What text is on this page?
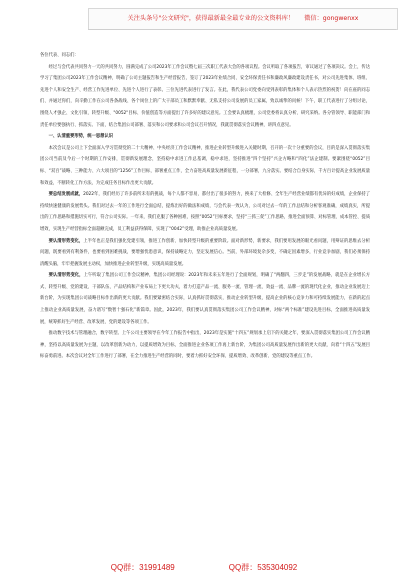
关注头条号"公文研究"，获得最新最全最专业的公文资料库！ 　 微信：gongwenxx

各位代表、同志们：

经过与会代表共同努力一天的共同努力，圆满完成了公司2023年工作会议暨七届三次职工代表大会的各项议程。会议听取了各项报告，审议通过了各项决议。会上，传达学习了集团公司2023年工作会议精神，明确了公司主题报告和生产经营报告，签订了2023年业绩合同、安全环保责任书和廉政风廉政建设责任书，对公司先进集体、班组、先进个人和安全生产、经营工作先进单位、先进个人进行了表彰。三位先进代表进行了发言。在此，我代表公司党委向受到表彰的集体和个人表示热烈的祝贺！向在座的同志们、并通过你们，向辛勤工作在公司各条战线、各个岗位上的广大干部员工和默默奉献、无私支持公司发展的员工家属，致以诚挚的问候！下午，职工代表进行了分组讨论，围绕人才强企、文化引领、转型升级、"0052"目标、价值创造等方面提出了许多好的建议意见。工会要认真梳理，公司党委将认真分析、研究采纳。各分管领导、职能部门和责任单位要强执行、抓落实。下面，结合集团公司部署、落实和公司要求和公司会议召开情况，我就贯彻落实会议精神，讲四点意见。

一、认清重要形势，统一思想认识

本次会议是公司上下全面深入学习贯彻党的二十大精神、中央经济工作会议精神，推进企业转型升级进入关键时期，召开的一次十分重要的会议，目的是深入贯彻落实集团公司当前及今后一个时期的工作安排，贯彻新发展理念，坚持稳中求进工作总基调，稳中求进，坚持推进“四个坚持”兴企方略和“四化”法企建制。要紧围绕“0052”目标、“双百”战略、三种能力、六大项目的“1256”工作目标，部署重点工作，全力奋进高质量发展新征程，一分部署，九分落实。要结合自身实际，千方百计提高企业发展质量和效益，不断转化工作方法，为完成任务目标作出更大贡献。

要总结发展成就，2022年，我们经历了许多前所未有的挑战，每个人都不容易，都付出了很多的努力，换来了大检修、全年生产经营业绩都有优异的好成绩，企业保持了持续快速健康的发展势头。我们对过去一年的工作进行全面总结，提炼出好的做法和成绩，与会代表一致认为，公司对过去一年的工作总结和分析客观准确，成绩真实，所提出的工作思路和措施切实可行，符合公司实际。一年来，我们克服了各种困难，按照“0052”目标要求，坚持“三抓三促”工作思路，推进全面预算、对标管理、成本管控、提质增效，实现生产经营指标全面超额完成，员工利益获得保障，实现了“0042”受理，助推企业高质量发展。

要认清形势变化，上半年也正是我们强化党建引领，推进工作创新、加快转型升级的重要阶段。面对新形势，新要求，我们要用发展的眼光看问题，用辩证的思维去分析问题，既要看到有利条件，也要看到困难挑战，要增强忧患意识，保持战略定力，坚定发展信心。当前，外部环境复杂多变，不确定因素增多，行业竞争加剧，我们必须保持清醒头脑，牢牢把握发展主动权，加快推进企业转型升级，实现高质量发展。

要认清形势变化，上午听取了集团公司工作会议精神，集团公司经理说：2023年和未来五年进行了全面规划，明确了“两翻四，三步走”的发展战略，就是在企业增长方式、转型升级、党的建设、干部队伍、产品结构和产业布局上下更大功夫，着力打造产品一流、服务一流、管理一流、效益一流、品牌一流的现代化企业，推动企业发展迈上新台阶，为实现集团公司战略目标作出新的更大贡献。我们要紧密结合实际，认真抓好贯彻落实，推动企业转型升级，提高企业的核心竞争力和可持续发展能力，在新的起点上推动企业高质量发展，奋力谱写“数智十强石化”新篇章。因此，2023年，我们要认真贯彻落实集团公司工作会议精神，对标“两个标准”建设先进目标，全面推进高质量发展，统筹抓好生产经营、改革发展、党的建设等各项工作。

推动数字技术与管理融合，数字转型。上午公司主要领导在今年工作报告中指出，2023年是实施“十四五”规划承上启下的关键之年，要深入贯彻落实集团公司工作会议精神，坚持以高质量发展为主题，以改革创新为动力，以提质增效为目标，全面推进企业各项工作再上新台阶，为集团公司高质量发展作出新的更大贡献，向着“十四五”发展目标奋勇前进。本次会议对全年工作进行了部署，在全力推进生产经营的同时，要着力抓好安全环保、提质增效、改革创新、党的建设等重点工作。

QQ群：31991489	QQ群：535304092
